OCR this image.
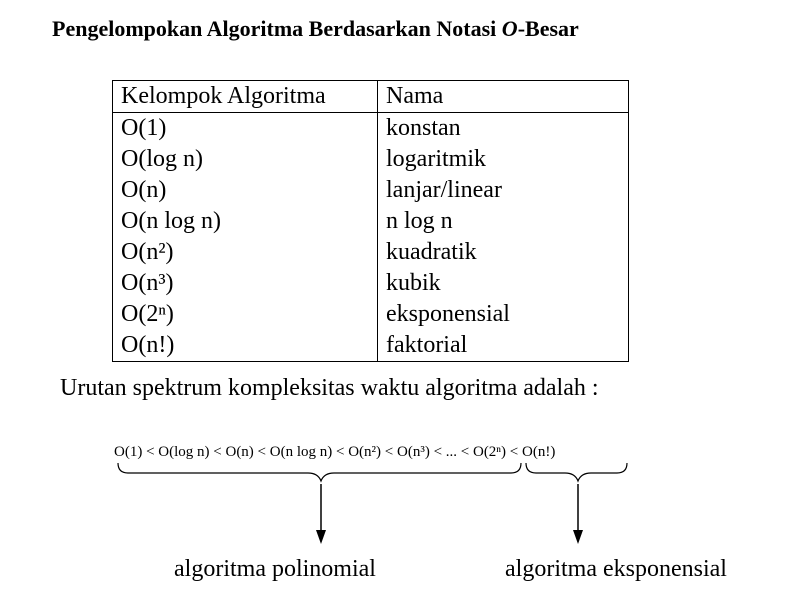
Pengelompokan Algoritma Berdasarkan Notasi O-Besar
Kelompok Algoritma	Nama
O(1)	konstan
O(log n)	logaritmik
O(n)	lanjar/linear
O(n log n)	n log n
O(n²)	kuadratik
O(n³)	kubik
O(2ⁿ)	eksponensial
O(n!)	faktorial
Urutan spektrum kompleksitas waktu algoritma adalah :
O(1) < O(log n) < O(n) < O(n log n) < O(n²) < O(n³) < ... < O(2ⁿ) < O(n!)
algoritma polinomial	algoritma eksponensial
